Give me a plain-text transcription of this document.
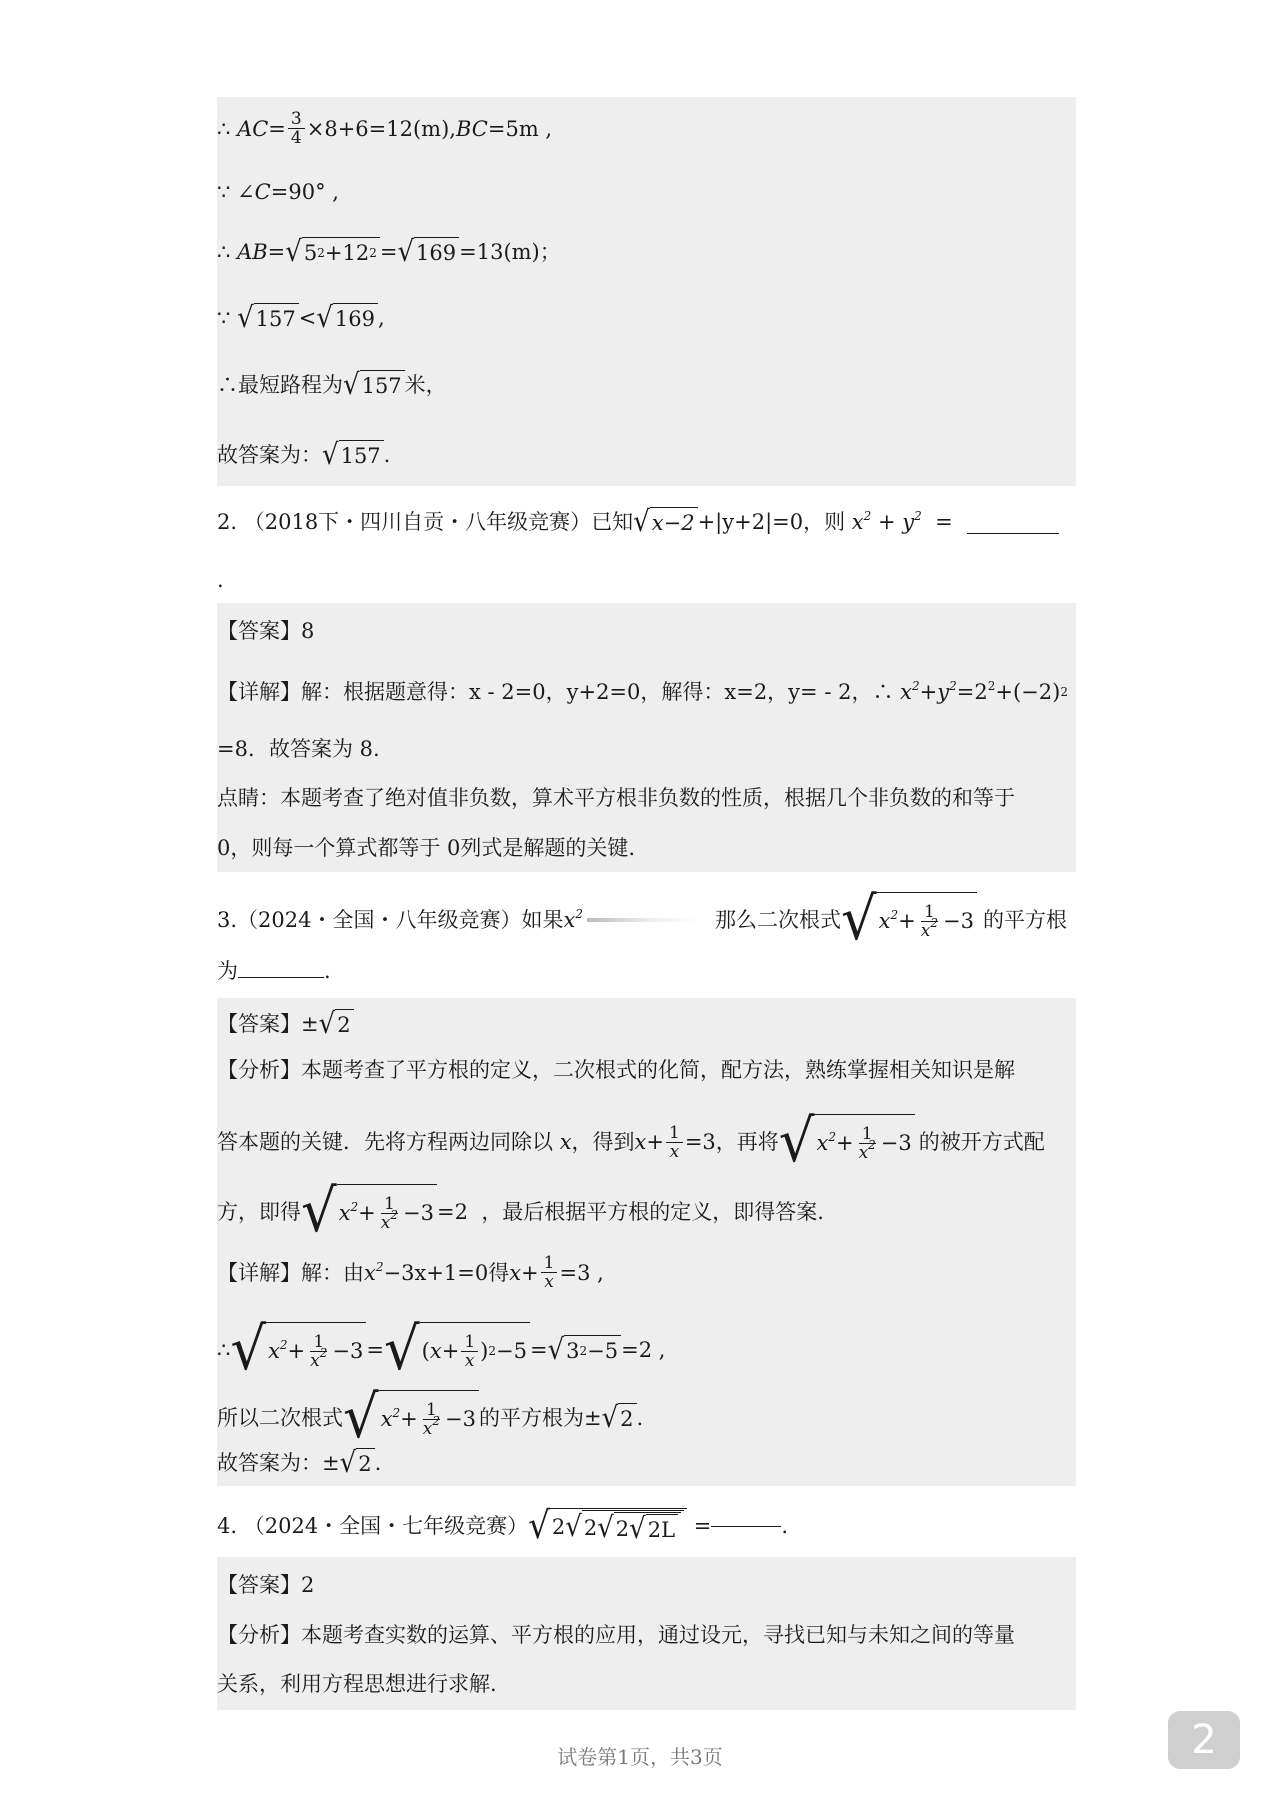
∴
AC = $\frac{3}{4} \times 8+6=12$ (m) , BC =5m ,
∵ ∠C=90° ,
∴
AB = √ 5 2 +12 2 = √ 169 =13 (m)；
∵
√ 157 < √ 169 ,
∴最短路程为 √ 157 米，
故答案为： √ 157 .
2.
（2018下・四川自贡・八年级竞赛） 已知 √ x−2 +|y+2|=0 ，则 $x^2 + y^2$
=
.
【答案】8
【详解】 解：根据题意得：x - 2=0，y+2=0，解得：x=2，y= - 2，∴ $x^2+y^2 = 2^2 +(-2)$ 2
=8．故答案为 8.
点睛：本题考查了绝对值非负数，算术平方根非负数的性质，根据几个非负数的和等于
0，则每一个算式都等于 0列式是解题的关键.
3. （2024・全国・八年级竞赛） 如果 $x^2$	那么二次根式 √ $x^2 + \frac{1}{x^2} -3$ 的平方根
为	.
【答案】 ± √ 2
【分析】本题考查了平方根的定义，二次根式的化简，配方法，熟练掌握相关知识是解
答本题的关键．先将方程两边同除以
x ，得到 $x + \frac{1}{x} =3$ ，再将 √ $x^2 + \frac{1}{x^2} -3$ 的被开方式配
方，即得 √ $x^2 + \frac{1}{x^2} -3 =2$
，最后根据平方根的定义，即得答案.
【详解】解：由 $x^2 -3x+1=0$ 得 $x + \frac{1}{x} =3$ ,
∴ √ $x^2 + \frac{1}{x^2} -3$ = √ ( $x + \frac{1}{x}$ ) 2 −5 = √ 3 2 −5 =2 ,
所以二次根式 √ $x^2 + \frac{1}{x^2} -3$ 的平方根为 ± √ 2 .
故答案为： ± √ 2 .
4.
（2024・全国・七年级竞赛） √ 2 √ 2 √ 2 √ 2L
=	.
【答案】2
【分析】本题考查实数的运算、平方根的应用，通过设元，寻找已知与未知之间的等量
关系，利用方程思想进行求解.
试卷第1页，共3页	2
